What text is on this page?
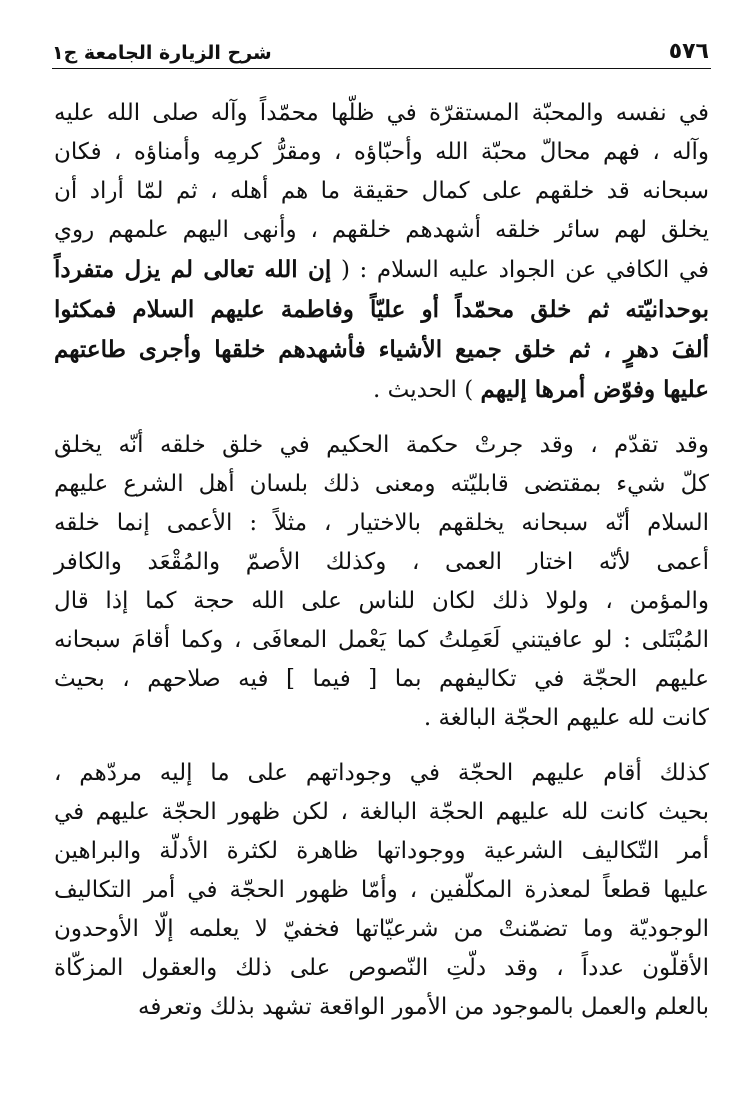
٥٧٦
شرح الزيارة الجامعة ج١
في نفسه والمحبّة المستقرّة في ظلّها محمّداً وآله صلى الله عليه
وآله ، فهم محالّ محبّة الله وأحبّاؤه ، ومقرُّ كرمِه وأمناؤه ، فكان
سبحانه قد خلقهم على كمال حقيقة ما هم أهله ، ثم لمّا أراد أن
يخلق لهم سائر خلقه أشهدهم خلقهم ، وأنهى اليهم علمهم روي
في الكافي عن الجواد عليه السلام : ( إن الله تعالى لم يزل متفرداً
بوحدانيّته ثم خلق محمّداً أو عليّاً وفاطمة عليهم السلام فمكثوا
ألفَ دهرٍ ، ثم خلق جميع الأشياء فأشهدهم خلقها وأجرى طاعتهم
عليها وفوّض أمرها إليهم ) الحديث .
وقد تقدّم ، وقد جرتْ حكمة الحكيم في خلق خلقه أنّه يخلق
كلّ شيء بمقتضى قابليّته ومعنى ذلك بلسان أهل الشرع عليهم
السلام أنّه سبحانه يخلقهم بالاختيار ، مثلاً : الأعمى إنما خلقه
أعمى لأنّه اختار العمى ، وكذلك الأصمّ والمُقْعَد والكافر
والمؤمن ، ولولا ذلك لكان للناس على الله حجة كما إذا قال
المُبْتَلى : لو عافيتني لَعَمِلتُ كما يَعْمل المعافَى ، وكما أقامَ سبحانه
عليهم الحجّة في تكاليفهم بما [ فيما ] فيه صلاحهم ، بحيث
كانت لله عليهم الحجّة البالغة .
كذلك أقام عليهم الحجّة في وجوداتهم على ما إليه مردّهم ،
بحيث كانت لله عليهم الحجّة البالغة ، لكن ظهور الحجّة عليهم في
أمر التّكاليف الشرعية ووجوداتها ظاهرة لكثرة الأدلّة والبراهين
عليها قطعاً لمعذرة المكلّفين ، وأمّا ظهور الحجّة في أمر التكاليف
الوجوديّة وما تضمّنتْ من شرعيّاتها فخفيّ لا يعلمه إلّا الأوحدون
الأقلّون عدداً ، وقد دلّتِ النّصوص على ذلك والعقول المزكّاة
بالعلم والعمل بالموجود من الأمور الواقعة تشهد بذلك وتعرفه
